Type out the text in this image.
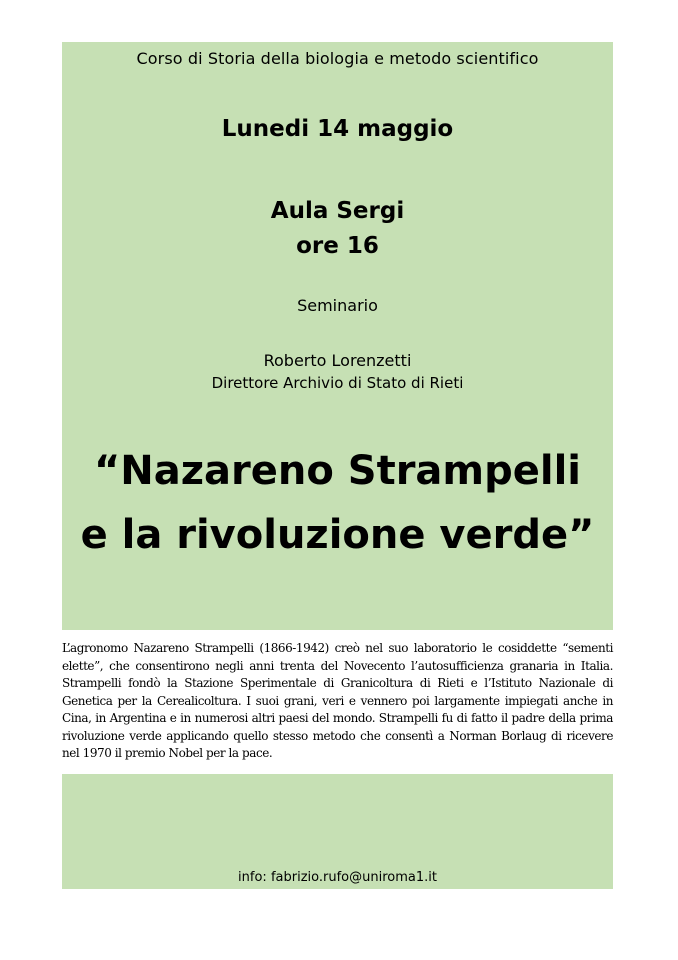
Corso di Storia della biologia e metodo scientifico
Lunedi 14 maggio
Aula Sergi
ore 16
Seminario
Roberto Lorenzetti
Direttore Archivio di Stato di Rieti
“Nazareno Strampelli
e la rivoluzione verde”

L’agronomo Nazareno Strampelli (1866-1942) creò nel suo laboratorio le cosiddette “sementi elette”, che consentirono negli anni trenta del Novecento l’autosufficienza granaria in Italia. Strampelli fondò la Stazione Sperimentale di Granicoltura di Rieti e l’Istituto Nazionale di Genetica per la Cerealicoltura. I suoi grani, veri e vennero poi largamente impiegati anche in Cina, in Argentina e in numerosi altri paesi del mondo. Strampelli fu di fatto il padre della prima rivoluzione verde applicando quello stesso metodo che consentì a Norman Borlaug di ricevere nel 1970 il premio Nobel per la pace.

info: fabrizio.rufo@uniroma1.it
